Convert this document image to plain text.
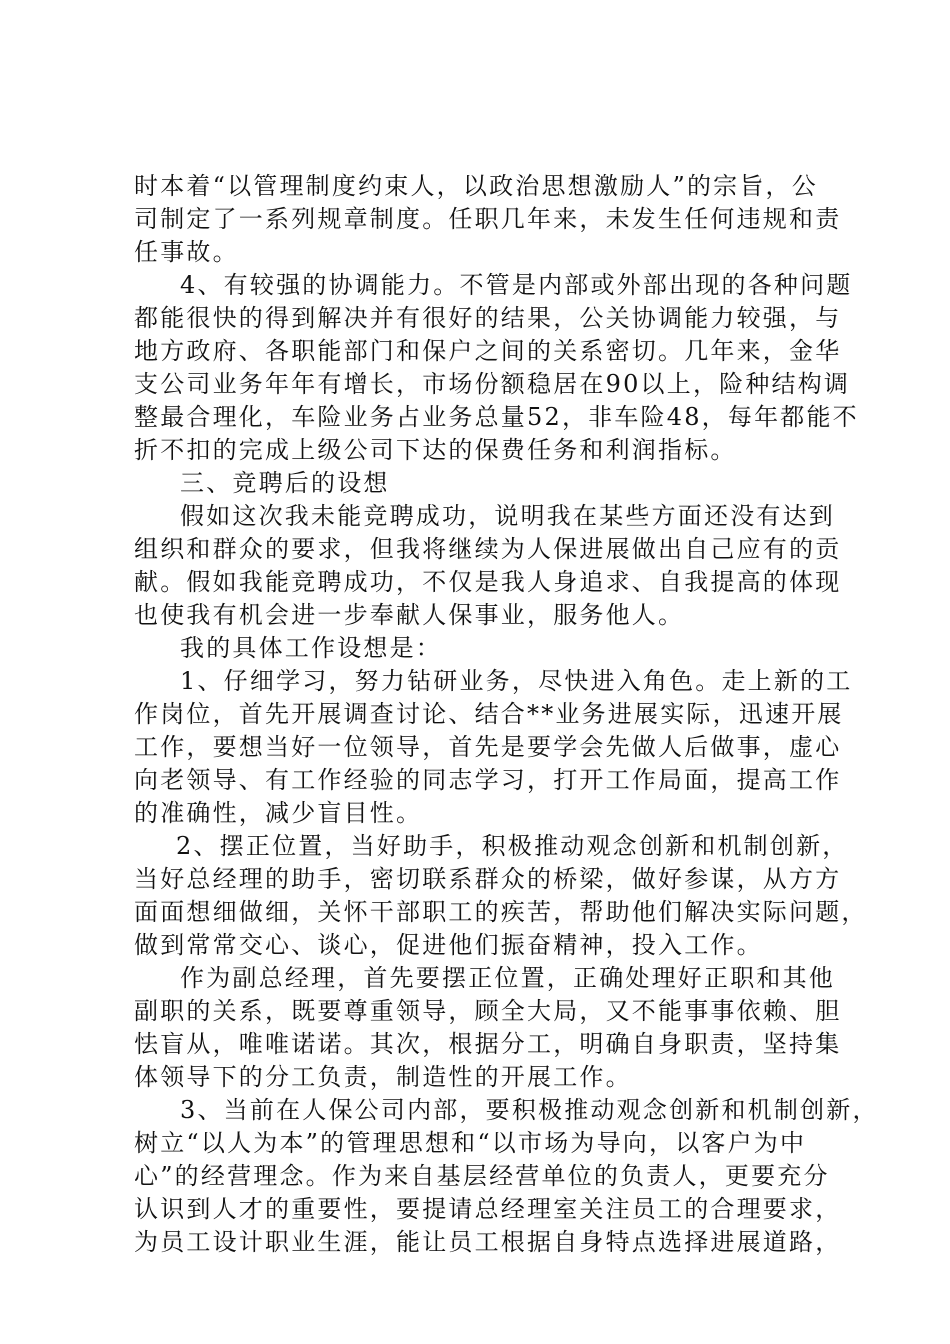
时本着“以管理制度约束人，以政治思想激励人”的宗旨，公
司制定了一系列规章制度。任职几年来，未发生任何违规和责
任事故。
4、有较强的协调能力。不管是内部或外部出现的各种问题
都能很快的得到解决并有很好的结果，公关协调能力较强，与
地方政府、各职能部门和保户之间的关系密切。几年来，金华
支公司业务年年有增长，市场份额稳居在90以上，险种结构调
整最合理化，车险业务占业务总量52，非车险48，每年都能不
折不扣的完成上级公司下达的保费任务和利润指标。
三、竞聘后的设想
假如这次我未能竞聘成功，说明我在某些方面还没有达到
组织和群众的要求，但我将继续为人保进展做出自己应有的贡
献。假如我能竞聘成功，不仅是我人身追求、自我提高的体现
也使我有机会进一步奉献人保事业，服务他人。
我的具体工作设想是：
1、仔细学习，努力钻研业务，尽快进入角色。走上新的工
作岗位，首先开展调查讨论、结合**业务进展实际，迅速开展
工作，要想当好一位领导，首先是要学会先做人后做事，虚心
向老领导、有工作经验的同志学习，打开工作局面，提高工作
的准确性，减少盲目性。
2、摆正位置，当好助手，积极推动观念创新和机制创新，
当好总经理的助手，密切联系群众的桥梁，做好参谋，从方方
面面想细做细，关怀干部职工的疾苦，帮助他们解决实际问题，
做到常常交心、谈心，促进他们振奋精神，投入工作。
作为副总经理，首先要摆正位置，正确处理好正职和其他
副职的关系，既要尊重领导，顾全大局，又不能事事依赖、胆
怯盲从，唯唯诺诺。其次，根据分工，明确自身职责，坚持集
体领导下的分工负责，制造性的开展工作。
3、当前在人保公司内部，要积极推动观念创新和机制创新，
树立“以人为本”的管理思想和“以市场为导向，以客户为中
心”的经营理念。作为来自基层经营单位的负责人，更要充分
认识到人才的重要性，要提请总经理室关注员工的合理要求，
为员工设计职业生涯，能让员工根据自身特点选择进展道路，
